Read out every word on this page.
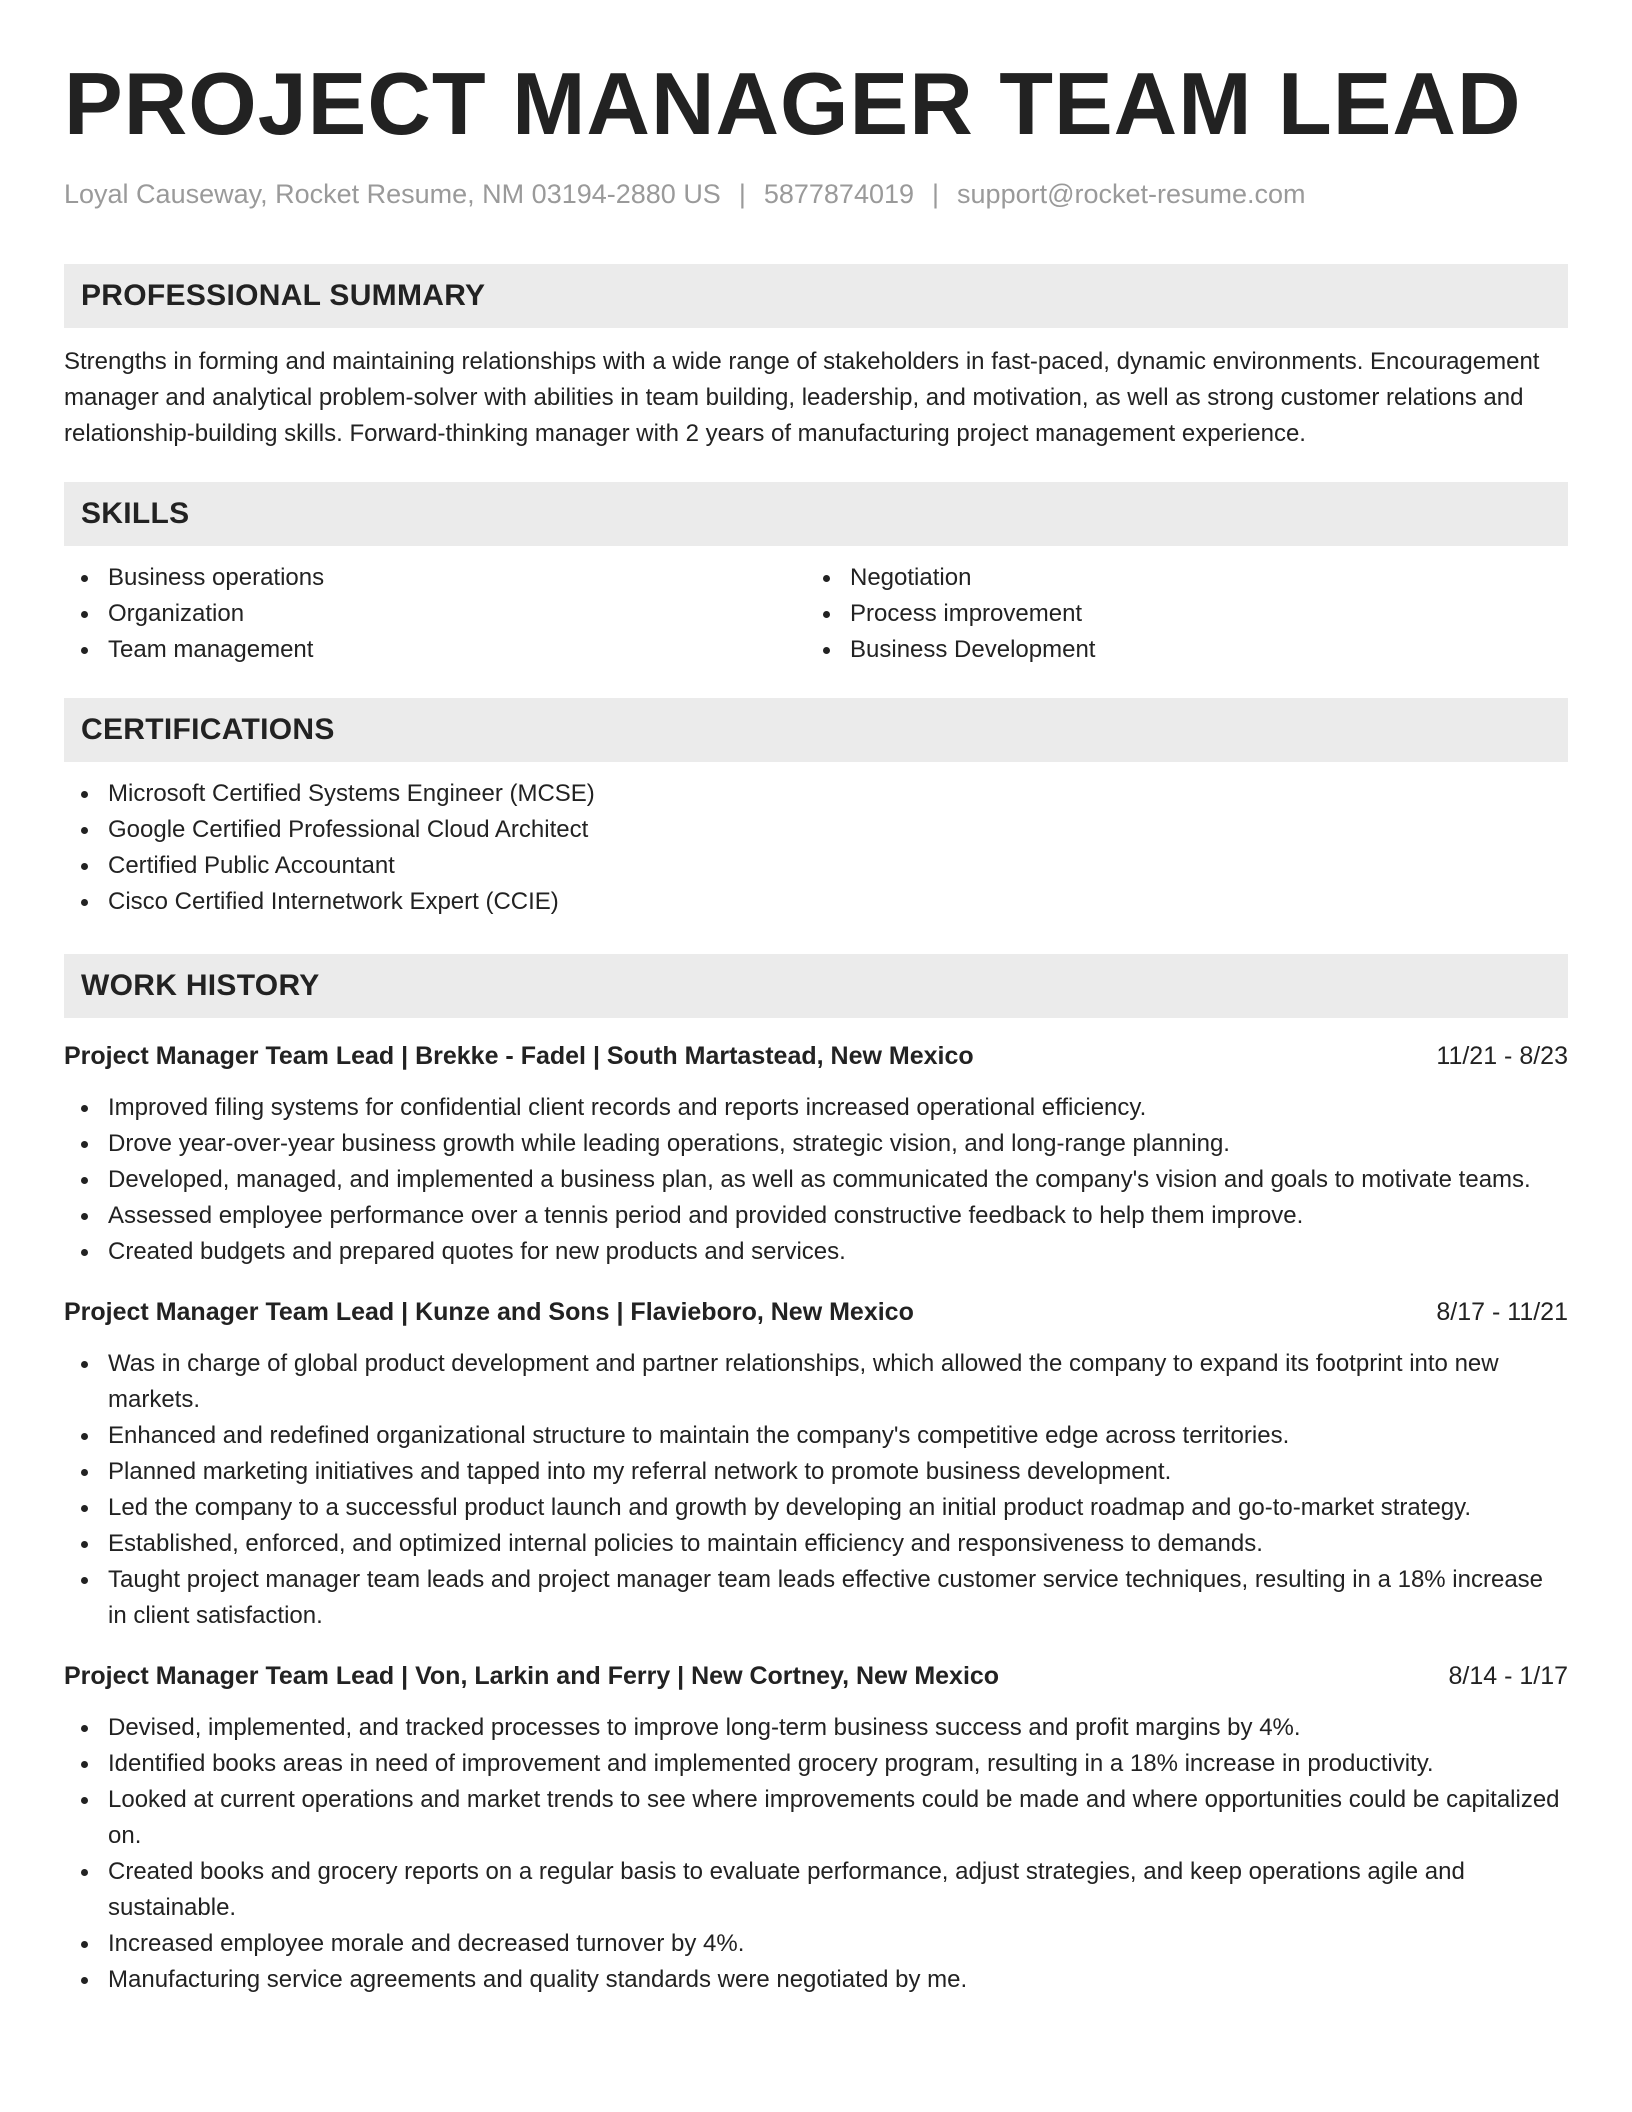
PROJECT MANAGER TEAM LEAD
Loyal Causeway, Rocket Resume, NM 03194-2880 US | 5877874019 | support@rocket-resume.com
PROFESSIONAL SUMMARY

Strengths in forming and maintaining relationships with a wide range of stakeholders in fast-paced, dynamic environments. Encouragement manager and analytical problem-solver with abilities in team building, leadership, and motivation, as well as strong customer relations and relationship-building skills. Forward-thinking manager with 2 years of manufacturing project management experience.

SKILLS
Business operations
Organization
Team management
Negotiation
Process improvement
Business Development
CERTIFICATIONS
Microsoft Certified Systems Engineer (MCSE)
Google Certified Professional Cloud Architect
Certified Public Accountant
Cisco Certified Internetwork Expert (CCIE)
WORK HISTORY
Project Manager Team Lead | Brekke - Fadel | South Martastead, New Mexico	11/21 - 8/23
Improved filing systems for confidential client records and reports increased operational efficiency.
Drove year-over-year business growth while leading operations, strategic vision, and long-range planning.
Developed, managed, and implemented a business plan, as well as communicated the company's vision and goals to motivate teams.
Assessed employee performance over a tennis period and provided constructive feedback to help them improve.
Created budgets and prepared quotes for new products and services.
Project Manager Team Lead | Kunze and Sons | Flavieboro, New Mexico	8/17 - 11/21
Was in charge of global product development and partner relationships, which allowed the company to expand its footprint into new markets.
Enhanced and redefined organizational structure to maintain the company's competitive edge across territories.
Planned marketing initiatives and tapped into my referral network to promote business development.
Led the company to a successful product launch and growth by developing an initial product roadmap and go-to-market strategy.
Established, enforced, and optimized internal policies to maintain efficiency and responsiveness to demands.
Taught project manager team leads and project manager team leads effective customer service techniques, resulting in a 18% increase in client satisfaction.
Project Manager Team Lead | Von, Larkin and Ferry | New Cortney, New Mexico	8/14 - 1/17
Devised, implemented, and tracked processes to improve long-term business success and profit margins by 4%.
Identified books areas in need of improvement and implemented grocery program, resulting in a 18% increase in productivity.
Looked at current operations and market trends to see where improvements could be made and where opportunities could be capitalized on.
Created books and grocery reports on a regular basis to evaluate performance, adjust strategies, and keep operations agile and sustainable.
Increased employee morale and decreased turnover by 4%.
Manufacturing service agreements and quality standards were negotiated by me.
